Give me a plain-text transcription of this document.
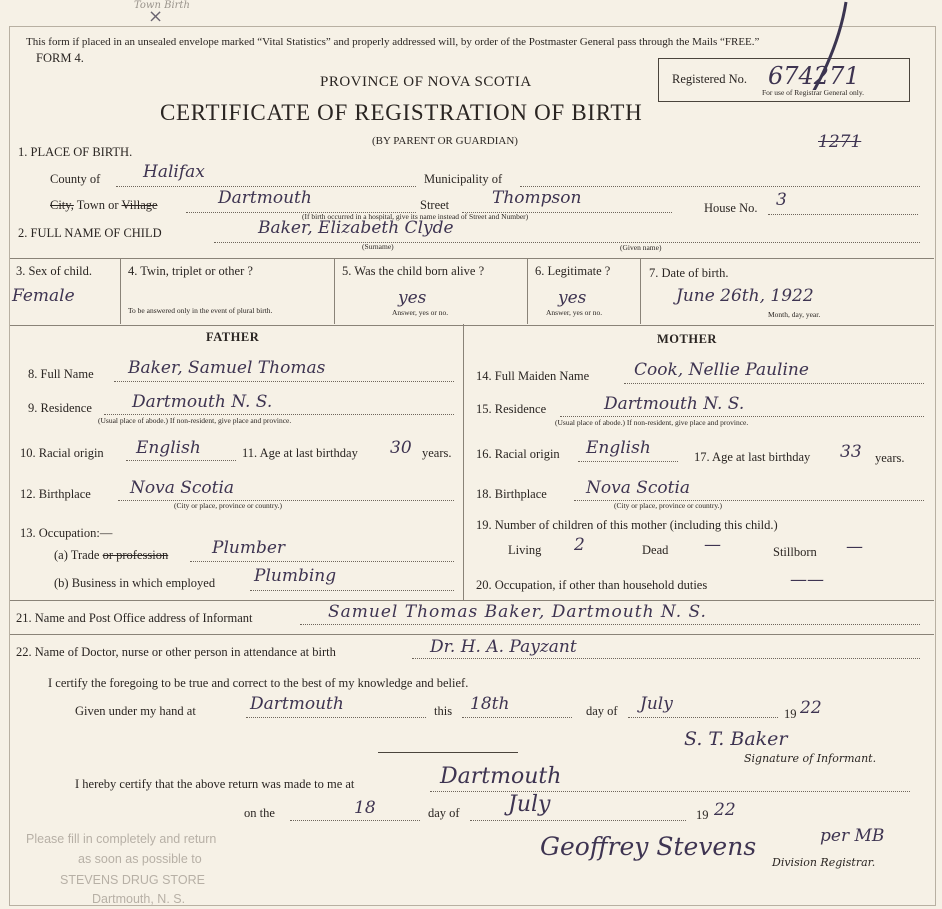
Town Birth
×
This form if placed in an unsealed envelope marked “Vital Statistics” and properly addressed will, by order of the Postmaster General pass through the Mails “FREE.”
FORM 4.
PROVINCE OF NOVA SCOTIA
CERTIFICATE OF REGISTRATION OF BIRTH
(BY PARENT OR GUARDIAN)
Registered No. 674271
For use of Registrar General only.
1271
1. PLACE OF BIRTH.
County of	Halifax	Municipality of
City, Town or Village	Dartmouth	Street	Thompson
(If birth occurred in a hospital, give its name instead of Street and Number)
House No. 3
2. FULL NAME OF CHILD	Baker, Elizabeth Clyde
(Surname)	(Given name)
3. Sex of child.
Female
4. Twin, triplet or other ?
To be answered only in the event of plural birth.
5. Was the child born alive ?
yes
Answer, yes or no.
6. Legitimate ?
yes
Answer, yes or no.
7. Date of birth.
June 26th, 1922
Month, day, year.
FATHER	MOTHER
8. Full Name Baker, Samuel Thomas
9. Residence Dartmouth N. S.
(Usual place of abode.) If non-resident, give place and province.
10. Racial origin English	11. Age at last birthday 30 years.
12. Birthplace Nova Scotia
(City or place, province or country.)
13. Occupation:—
(a) Trade or profession	Plumber
(b) Business in which employed Plumbing
14. Full Maiden Name	Cook, Nellie Pauline
15. Residence	Dartmouth N. S.
(Usual place of abode.) If non-resident, give place and province.
16. Racial origin English	17. Age at last birthday 33 years.
18. Birthplace Nova Scotia
(City or place, province or country.)
19. Number of children of this mother (including this child.)
Living 2	Dead —	Stillborn —
20. Occupation, if other than household duties	——
21. Name and Post Office address of Informant	Samuel Thomas Baker, Dartmouth N. S.
22. Name of Doctor, nurse or other person in attendance at birth	Dr. H. A. Payzant
I certify the foregoing to be true and correct to the best of my knowledge and belief.
Given under my hand at	Dartmouth	this 18th	day of July	19 22
S. T. Baker
Signature of Informant.
I hereby certify that the above return was made to me at	Dartmouth
on the	18	day of July	19 22
Geoffrey Stevens	per MB
Division Registrar.
Please fill in completely and return
as soon as possible to
STEVENS DRUG STORE
Dartmouth, N. S.
